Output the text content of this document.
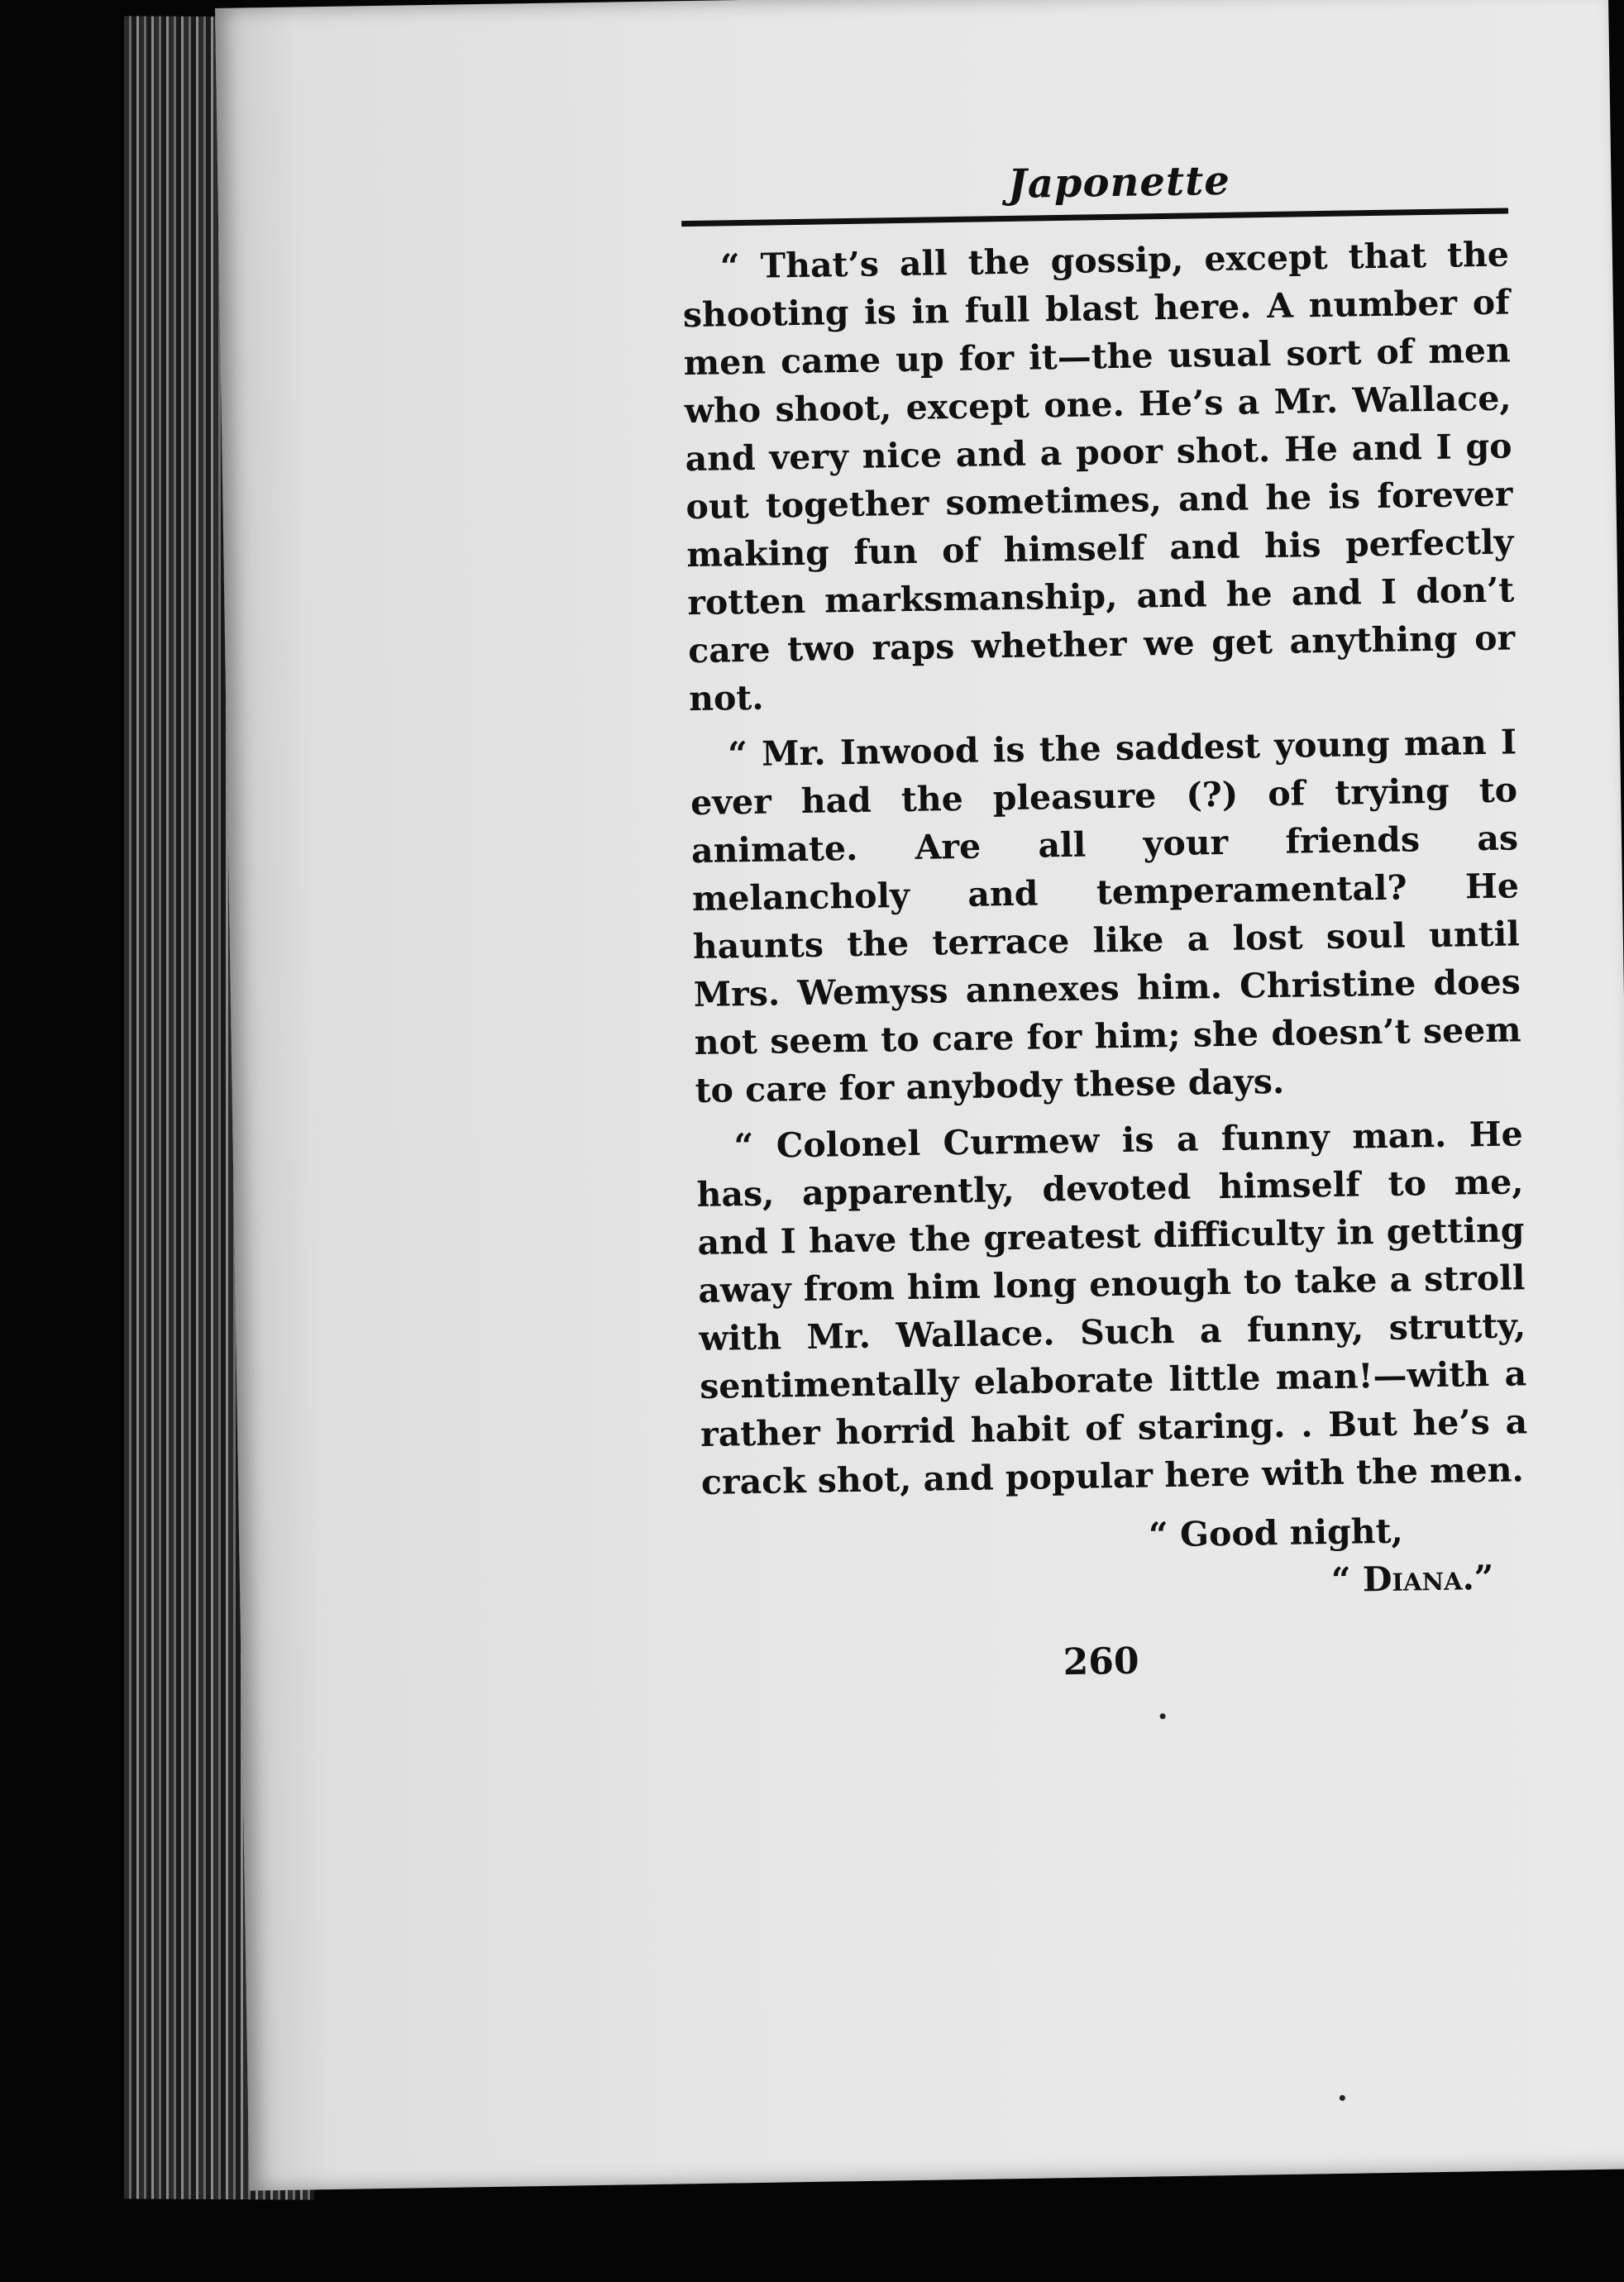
Japonette

“ That’s all the gossip, except that the shooting is in full blast here. A number of men came up for it—the usual sort of men who shoot, except one. He’s a Mr. Wallace, and very nice and a poor shot. He and I go out together sometimes, and he is forever making fun of himself and his perfectly rotten marksmanship, and he and I don’t care two raps whether we get anything or not.

“ Mr. Inwood is the saddest young man I ever had the pleasure (?) of trying to animate. Are all your friends as melancholy and temperamental? He haunts the terrace like a lost soul until Mrs. Wemyss annexes him. Christine does not seem to care for him; she doesn’t seem to care for anybody these days.

“ Colonel Curmew is a funny man. He has, apparently, devoted himself to me, and I have the greatest difficulty in getting away from him long enough to take a stroll with Mr. Wallace. Such a funny, strutty, sentimentally elaborate little man!—with a rather horrid habit of staring. . But he’s a crack shot, and popular here with the men.

“ Good night,

“ Diana.”

260
